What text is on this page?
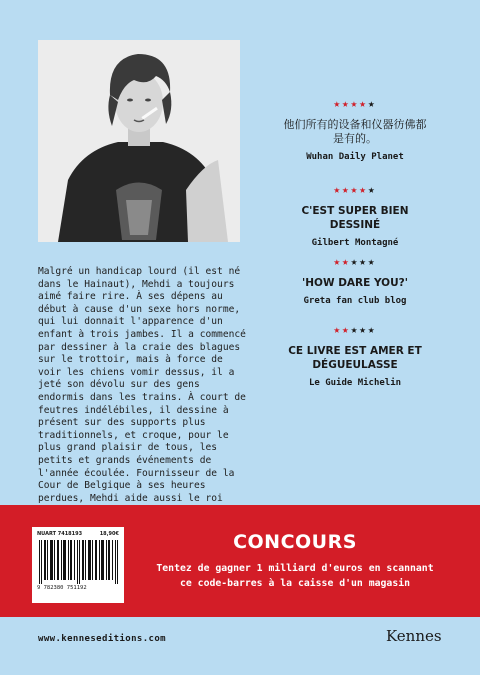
Malgré un handicap lourd (il est né dans le Hainaut), Mehdi a toujours aimé faire rire. À ses dépens au début à cause d'un sexe hors norme, qui lui donnait l'apparence d'un enfant à trois jambes. Il a commencé par dessiner à la craie des blagues sur le trottoir, mais à force de voir les chiens vomir dessus, il a jeté son dévolu sur des gens endormis dans les trains. À court de feutres indélébiles, il dessine à présent sur des supports plus traditionnels, et croque, pour le plus grand plaisir de tous, les petits et grands événements de l'année écoulée. Fournisseur de la Cour de Belgique à ses heures perdues, Mehdi aide aussi le roi
★★★★★
他们所有的设备和仪器彷佛都是有的。
Wuhan Daily Planet
★★★★★
C'EST SUPER BIEN DESSINÉ
Gilbert Montagné
★★★★★
'HOW DARE YOU?'
Greta fan club blog
★★★★★
CE LIVRE EST AMER ET DÉGUEULASSE
Le Guide Michelin
NUART 7418193	18,90€
9 782380 751192
CONCOURS
Tentez de gagner 1 milliard d'euros en scannant
ce code-barres à la caisse d'un magasin
www.kenneseditions.com	Kennes
